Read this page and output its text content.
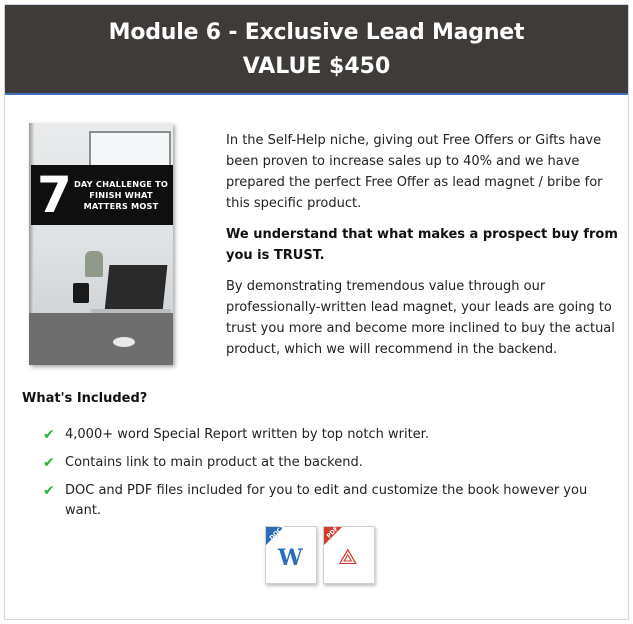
Module 6 - Exclusive Lead Magnet
VALUE $450
7 DAY CHALLENGE TO FINISH WHAT MATTERS MOST

In the Self-Help niche, giving out Free Offers or Gifts have been proven to increase sales up to 40% and we have prepared the perfect Free Offer as lead magnet / bribe for this specific product.

We understand that what makes a prospect buy from you is TRUST.

By demonstrating tremendous value through our professionally-written lead magnet, your leads are going to trust you more and become more inclined to buy the actual product, which we will recommend in the backend.

What's Included?
✔ 4,000+ word Special Report written by top notch writer.
✔ Contains link to main product at the backend.
✔ DOC and PDF files included for you to edit and customize the book however you want.
DOCX
W
PDF
⟁
